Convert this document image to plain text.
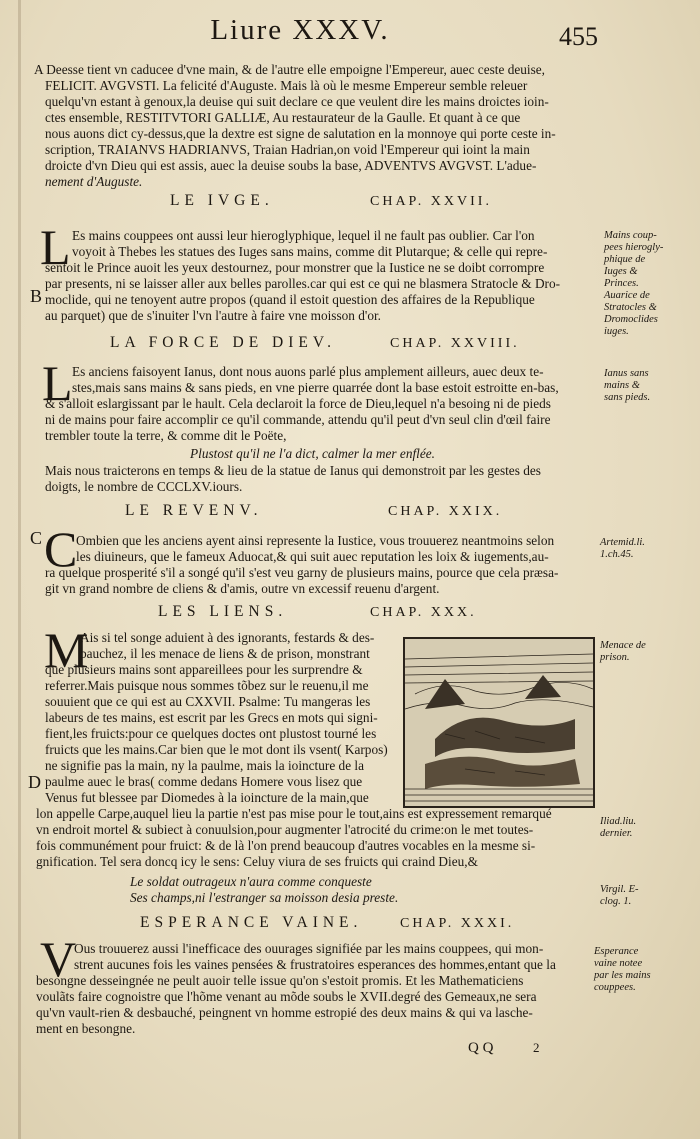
Liure XXXV.	455
A Deesse tient vn caducee d'vne main, & de l'autre elle empoigne l'Empereur, auec ceste deuise,
FELICIT. AVGVSTI. La felicité d'Auguste. Mais là où le mesme Empereur semble releuer
quelqu'vn estant à genoux,la deuise qui suit declare ce que veulent dire les mains droictes ioin-
ctes ensemble, RESTITVTORI GALLIÆ, Au restaurateur de la Gaulle. Et quant à ce que
nous auons dict cy-dessus,que la dextre est signe de salutation en la monnoye qui porte ceste in-
scription, TRAIANVS HADRIANVS, Traian Hadrian,on void l'Empereur qui ioint la main
droicte d'vn Dieu qui est assis, auec la deuise soubs la base, ADVENTVS AVGVST. L'adue-
nement d'Auguste.
LE IVGE.	CHAP. XXVII.
L Es mains couppees ont aussi leur hieroglyphique, lequel il ne fault pas oublier. Car l'on
voyoit à Thebes les statues des Iuges sans mains, comme dit Plutarque; & celle qui repre-
sentoit le Prince auoit les yeux destournez, pour monstrer que la Iustice ne se doibt corrompre
par presents, ni se laisser aller aux belles parolles.car qui est ce qui ne blasmera Stratocle & Dro-
moclide, qui ne tenoyent autre propos (quand il estoit question des affaires de la Republique
au parquet) que de s'inuiter l'vn l'autre à faire vne moisson d'or.
B
Mains coup-
pees hierogly-
phique de
Iuges &
Princes.
Auarice de
Stratocles &
Dromoclides
iuges.
LA FORCE DE DIEV.	CHAP. XXVIII.
L Es anciens faisoyent Ianus, dont nous auons parlé plus amplement ailleurs, auec deux te-
stes,mais sans mains & sans pieds, en vne pierre quarrée dont la base estoit estroitte en-bas,
& s'alloit eslargissant par le hault. Cela declaroit la force de Dieu,lequel n'a besoing ni de pieds
ni de mains pour faire accomplir ce qu'il commande, attendu qu'il peut d'vn seul clin d'œil faire
trembler toute la terre, & comme dit le Poëte,
Plustost qu'il ne l'a dict, calmer la mer enflée.
Mais nous traicterons en temps & lieu de la statue de Ianus qui demonstroit par les gestes des
doigts, le nombre de CCCLXV.iours.
Ianus sans
mains &
sans pieds.
LE REVENV.	CHAP. XXIX.
C C
Ombien que les anciens ayent ainsi represente la Iustice, vous trouuerez neantmoins selon
les diuineurs, que le fameux Aduocat,& qui suit auec reputation les loix & iugements,au-
ra quelque prosperité s'il a songé qu'il s'est veu garny de plusieurs mains, pource que cela præsa-
git vn grand nombre de cliens & d'amis, outre vn excessif reuenu d'argent.
Artemid.li.
1.ch.45.
LES LIENS.	CHAP. XXX.
M
Ais si tel songe aduient à des ignorants, festards & des-
bauchez, il les menace de liens & de prison, monstrant
que plusieurs mains sont appareillees pour les surprendre &
referrer.Mais puisque nous sommes tõbez sur le reuenu,il me
souuient que ce qui est au CXXVII. Psalme: Tu mangeras les
labeurs de tes mains, est escrit par les Grecs en mots qui signi-
fient,les fruicts:pour ce quelques doctes ont plustost tourné les
fruicts que les mains.Car bien que le mot dont ils vsent( Karpos)
ne signifie pas la main, ny la paulme, mais la ioincture de la
paulme auec le bras( comme dedans Homere vous lisez que
Venus fut blessee par Diomedes à la ioincture de la main,que
D
lon appelle Carpe,auquel lieu la partie n'est pas mise pour le tout,ains est expressement remarqué
vn endroit mortel & subiect à conuulsion,pour augmenter l'atrocité du crime:on le met toutes-
fois communément pour fruict: & de là l'on prend beaucoup d'autres vocables en la mesme si-
gnification. Tel sera doncq icy le sens: Celuy viura de ses fruicts qui craind Dieu,&
Le soldat outrageux n'aura comme conqueste
Ses champs,ni l'estranger sa moisson desia preste.
Menace de
prison.
Iliad.liu.
dernier.
Virgil. E-
clog. 1.
ESPERANCE VAINE.	CHAP. XXXI.
V
Ous trouuerez aussi l'inefficace des ouurages signifiée par les mains couppees, qui mon-
strent aucunes fois les vaines pensées & frustratoires esperances des hommes,entant que la
besongne desseingnée ne peult auoir telle issue qu'on s'estoit promis. Et les Mathematiciens
voulãts faire cognoistre que l'hõme venant au mõde soubs le XVII.degré des Gemeaux,ne sera
qu'vn vault-rien & desbauché, peingnent vn homme estropié des deux mains & qui va lasche-
ment en besongne.
Esperance
vaine notee
par les mains
couppees.
Q Q	2
